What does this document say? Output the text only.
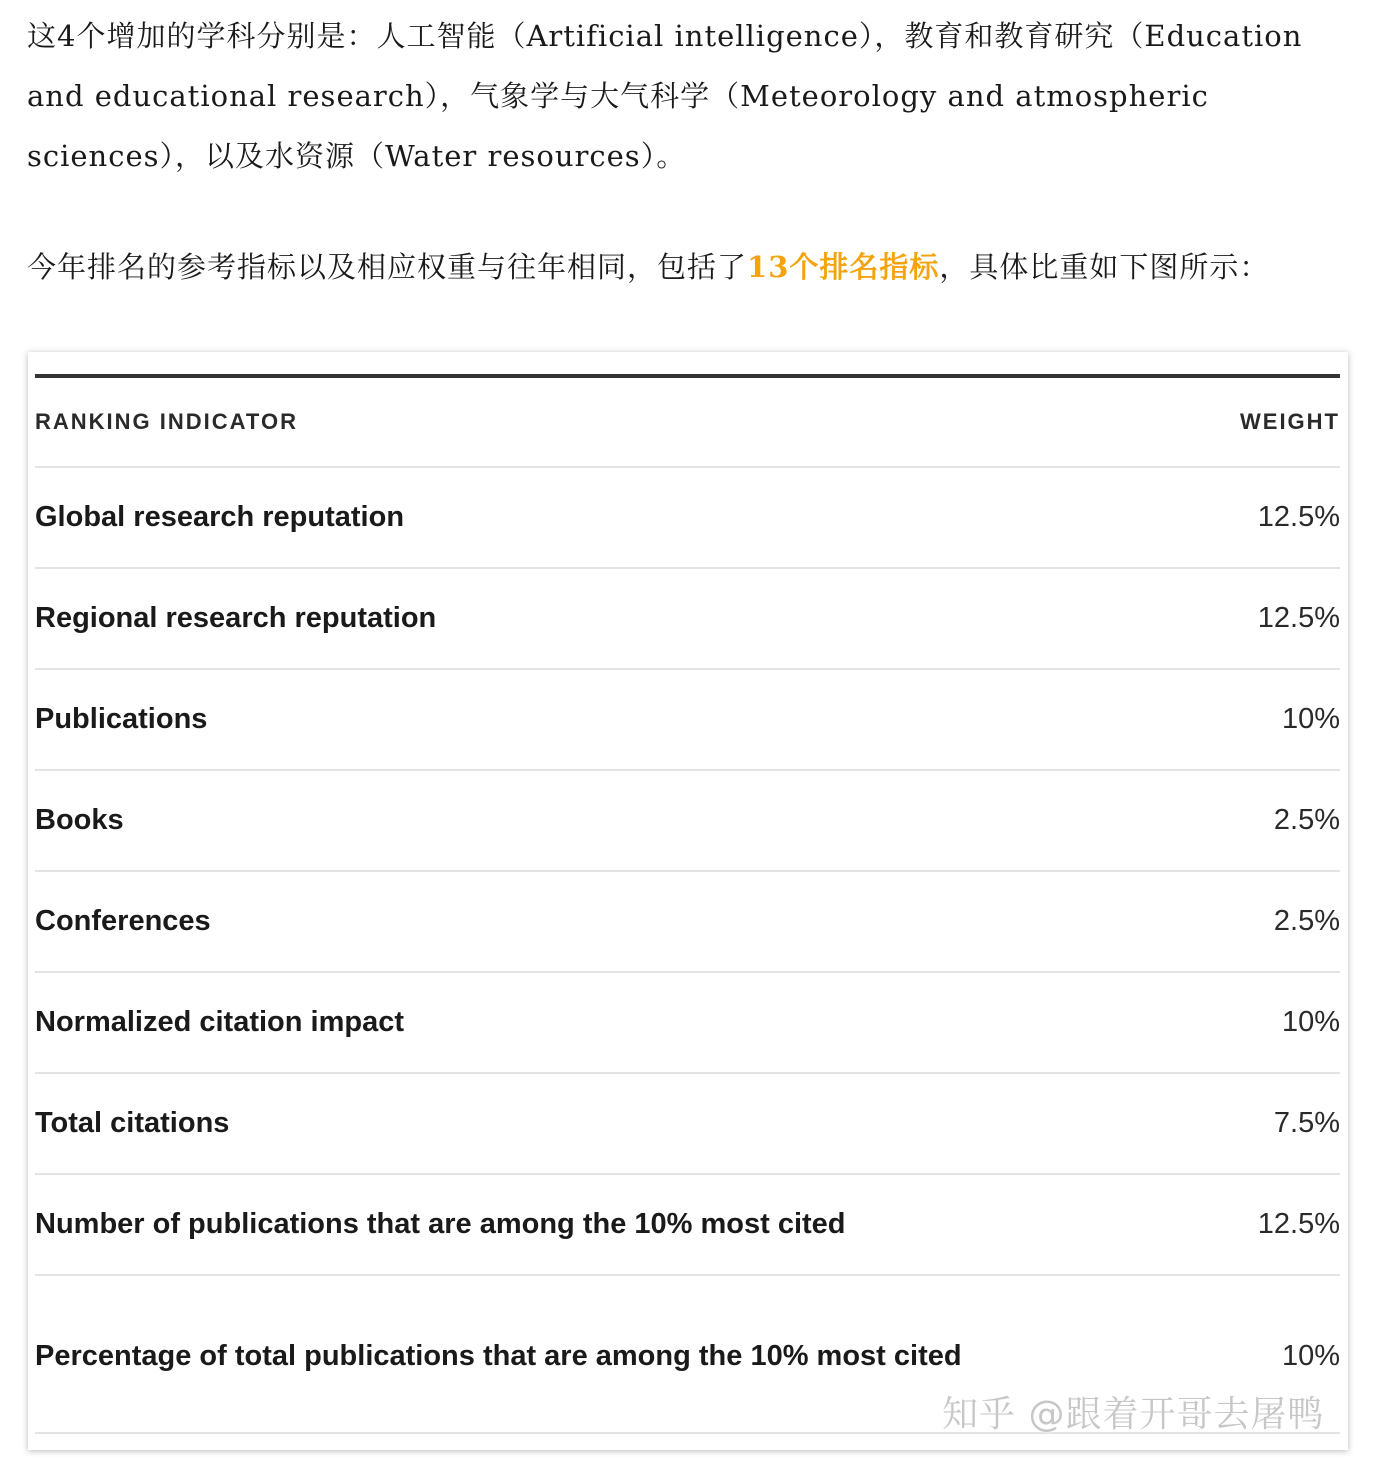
这4个增加的学科分别是：人工智能（Artificial intelligence），教育和教育研究（Education
and educational research），气象学与大气科学（Meteorology and atmospheric
sciences），以及水资源（Water resources）。

今年排名的参考指标以及相应权重与往年相同，包括了13个排名指标，具体比重如下图所示：

RANKING INDICATOR	WEIGHT
Global research reputation	12.5%
Regional research reputation	12.5%
Publications	10%
Books	2.5%
Conferences	2.5%
Normalized citation impact	10%
Total citations	7.5%
Number of publications that are among the 10% most cited	12.5%
Percentage of total publications that are among the 10% most cited	10%
知乎 @跟着开哥去屠鸭
